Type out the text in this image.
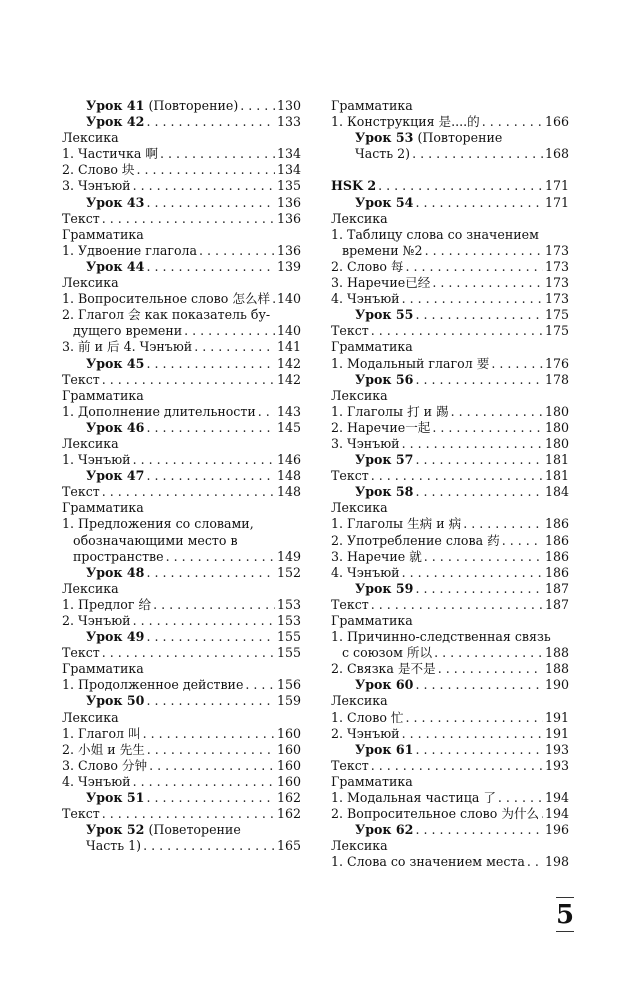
Урок 41 (Повторение) . . .	130
Урок 42 . . .	133
Лексика
1. Частичка 啊 . . .	134
2. Слово 块 . . .	134
3. Чэнъюй . . .	135
Урок 43 . . .	136
Текст . . .	136
Грамматика
1. Удвоение глагола . . .	136
Урок 44 . . .	139
Лексика
1. Вопросительное слово 怎么样 . . . 140
2. Глагол 会 как показатель бу-
дущего времени . . .	140
3. 前 и 后 4. Чэнъюй . . .	141
Урок 45 . . .	142
Текст . . .	142
Грамматика
1. Дополнение длительности . . . 143
Урок 46 . . .	145
Лексика
1. Чэнъюй . . .	146
Урок 47 . . .	148
Текст . . .	148
Грамматика
1. Предложения со словами,
обозначающими место в
пространстве . . .	149
Урок 48 . . .	152
Лексика
1. Предлог 给 . . .	153
2. Чэнъюй . . .	153
Урок 49 . . .	155
Текст . . .	155
Грамматика
1. Продолженное действие . . .	156
Урок 50 . . .	159
Лексика
1. Глагол 叫 . . .	160
2. 小姐 и 先生 . . .	160
3. Слово 分钟 . . .	160
4. Чэнъюй . . .	160
Урок 51 . . .	162
Текст . . .	162
Урок 52 (Поветорение
Часть 1) . . .	165
Грамматика
1. Конструкция 是....的 . . .	166
Урок 53 (Повторение
Часть 2) . . .	168
HSK 2 . . .	171
Урок 54 . . .	171
Лексика
1. Таблицу слова со значением
времени №2 . . .	173
2. Слово 每 . . .	173
3. Наречие已经 . . .	173
4. Чэнъюй . . .	173
Урок 55 . . .	175
Текст . . .	175
Грамматика
1. Модальный глагол 要 . . .	176
Урок 56 . . .	178
Лексика
1. Глаголы 打 и 踢 . . .	180
2. Наречие一起 . . .	180
3. Чэнъюй . . .	180
Урок 57 . . .	181
Текст . . .	181
Урок 58 . . .	184
Лексика
1. Глаголы 生病 и 病 . . .	186
2. Употребление слова 药 . . .	186
3. Наречие 就 . . .	186
4. Чэнъюй . . .	186
Урок 59 . . .	187
Текст . . .	187
Грамматика
1. Причинно-следственная связь
с союзом 所以 . . .	188
2. Связка 是不是 . . .	188
Урок 60 . . .	190
Лексика
1. Слово 忙 . . .	191
2. Чэнъюй . . .	191
Урок 61 . . .	193
Текст . . .	193
Грамматика
1. Модальная частица 了 . . .	194
2. Вопросительное слово 为什么 . . . 194
Урок 62 . . .	196
Лексика
1. Слова со значением места . . . 198
5
